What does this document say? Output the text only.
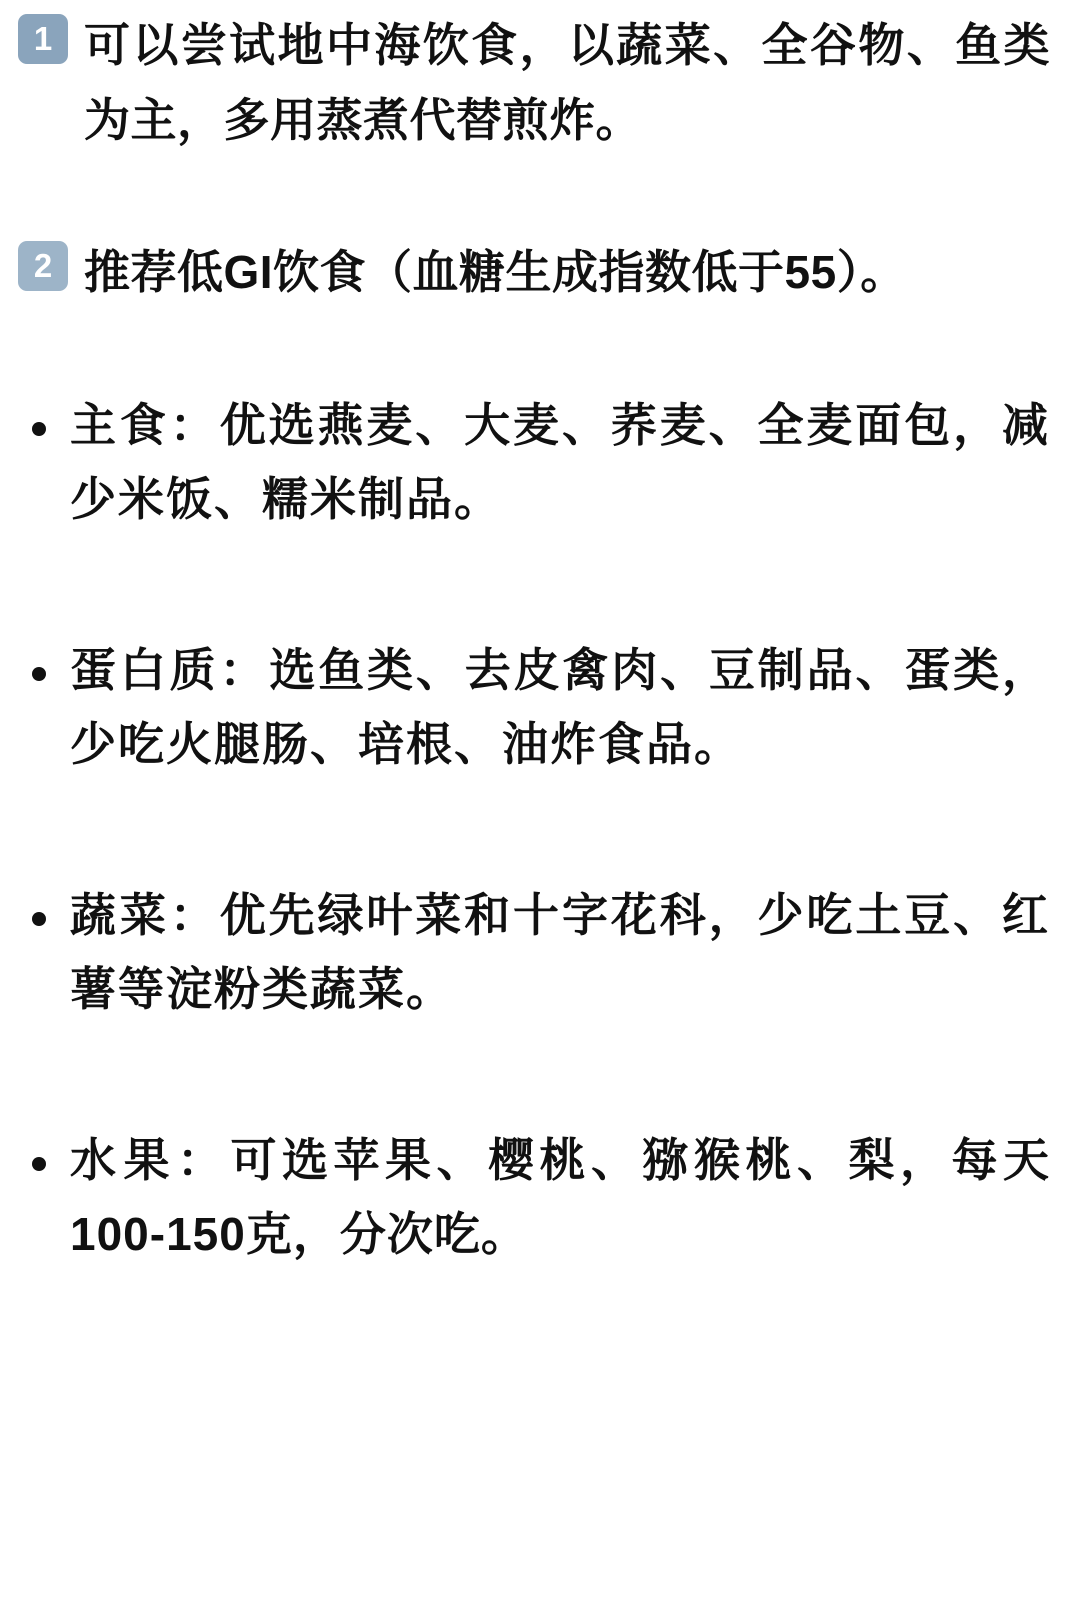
1 可以尝试地中海饮食，以蔬菜、全谷物、鱼类为主，多用蒸煮代替煎炸。
2 推荐低GI饮食（血糖生成指数低于55）。
主食：优选燕麦、大麦、荞麦、全麦面包，减少米饭、糯米制品。
蛋白质：选鱼类、去皮禽肉、豆制品、蛋类，少吃火腿肠、培根、油炸食品。
蔬菜：优先绿叶菜和十字花科，少吃土豆、红薯等淀粉类蔬菜。
水果：可选苹果、樱桃、猕猴桃、梨，每天100-150克，分次吃。
